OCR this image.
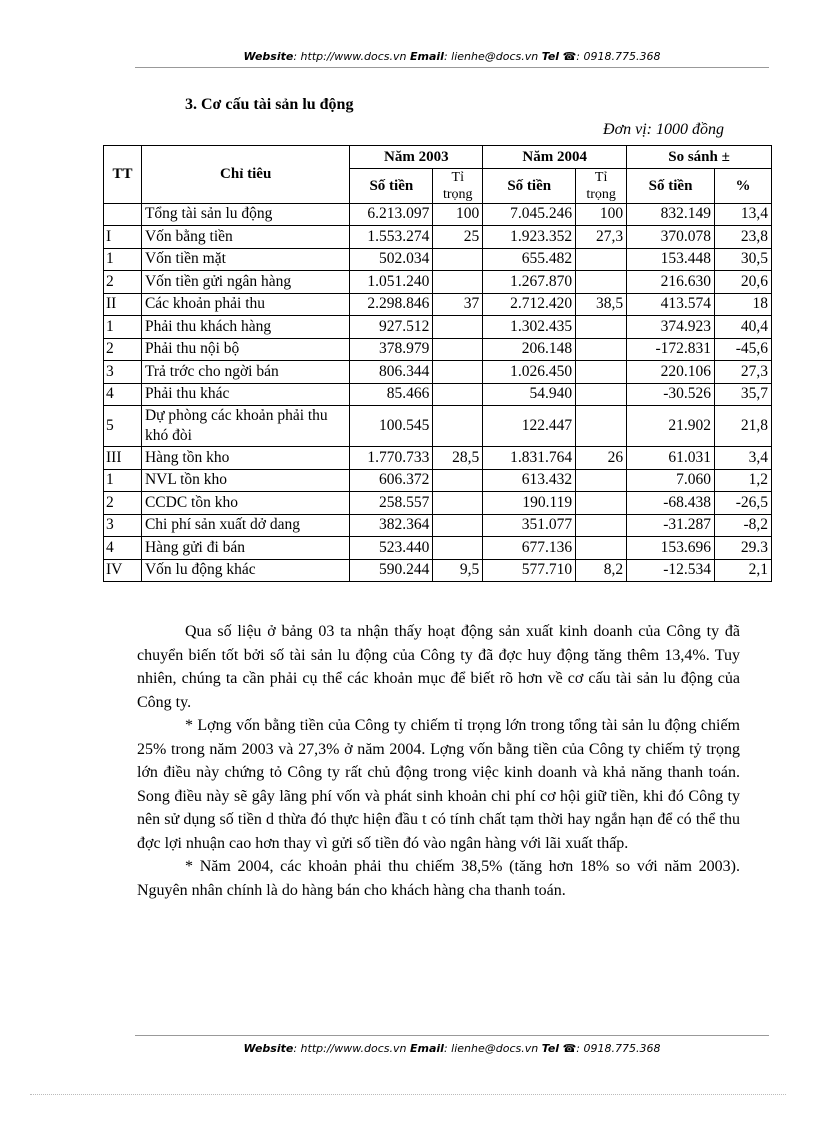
Website: http://www.docs.vn Email: lienhe@docs.vn Tel ☎: 0918.775.368
3. Cơ cấu tài sản lu động
Đơn vị: 1000 đồng
TT	Chỉ tiêu	Năm 2003		Năm 2004		So sánh ±	
		Số tiền	Tỉ trọng	Số tiền	Tỉ trọng	Số tiền	%
	Tổng tài sản lu động	6.213.097	100	7.045.246	100	832.149	13,4
I	Vốn bằng tiền	1.553.274	25	1.923.352	27,3	370.078	23,8
1	Vốn tiền mặt	502.034		655.482		153.448	30,5
2	Vốn tiền gửi ngân hàng	1.051.240		1.267.870		216.630	20,6
II	Các khoản phải thu	2.298.846	37	2.712.420	38,5	413.574	18
1	Phải thu khách hàng	927.512		1.302.435		374.923	40,4
2	Phải thu nội bộ	378.979		206.148		-172.831	-45,6
3	Trả trớc cho ngời bán	806.344		1.026.450		220.106	27,3
4	Phải thu khác	85.466		54.940		-30.526	35,7
5	Dự phòng các khoản phải thu khó đòi	100.545		122.447		21.902	21,8
III	Hàng tồn kho	1.770.733	28,5	1.831.764	26	61.031	3,4
1	NVL tồn kho	606.372		613.432		7.060	1,2
2	CCDC tồn kho	258.557		190.119		-68.438	-26,5
3	Chi phí sản xuất dở dang	382.364		351.077		-31.287	-8,2
4	Hàng gửi đi bán	523.440		677.136		153.696	29.3
IV	Vốn lu động khác	590.244	9,5	577.710	8,2	-12.534	2,1

Qua số liệu ở bảng 03 ta nhận thấy hoạt động sản xuất kinh doanh của Công ty đã chuyển biến tốt bởi số tài sản lu động của Công ty đã đợc huy động tăng thêm 13,4%. Tuy nhiên, chúng ta cần phải cụ thể các khoản mục để biết rõ hơn về cơ cấu tài sản lu động của Công ty.

* Lợng vốn bằng tiền của Công ty chiếm tỉ trọng lớn trong tổng tài sản lu động chiếm 25% trong năm 2003 và 27,3% ở năm 2004. Lợng vốn bằng tiền của Công ty chiếm tỷ trọng lớn điều này chứng tỏ Công ty rất chủ động trong việc kinh doanh và khả năng thanh toán. Song điều này sẽ gây lãng phí vốn và phát sinh khoản chi phí cơ hội giữ tiền, khi đó Công ty nên sử dụng số tiền d thừa đó thực hiện đầu t có tính chất tạm thời hay ngắn hạn để có thể thu đợc lợi nhuận cao hơn thay vì gửi số tiền đó vào ngân hàng với lãi xuất thấp.

* Năm 2004, các khoản phải thu chiếm 38,5% (tăng hơn 18% so với năm 2003). Nguyên nhân chính là do hàng bán cho khách hàng cha thanh toán.

Website: http://www.docs.vn Email: lienhe@docs.vn Tel ☎: 0918.775.368
